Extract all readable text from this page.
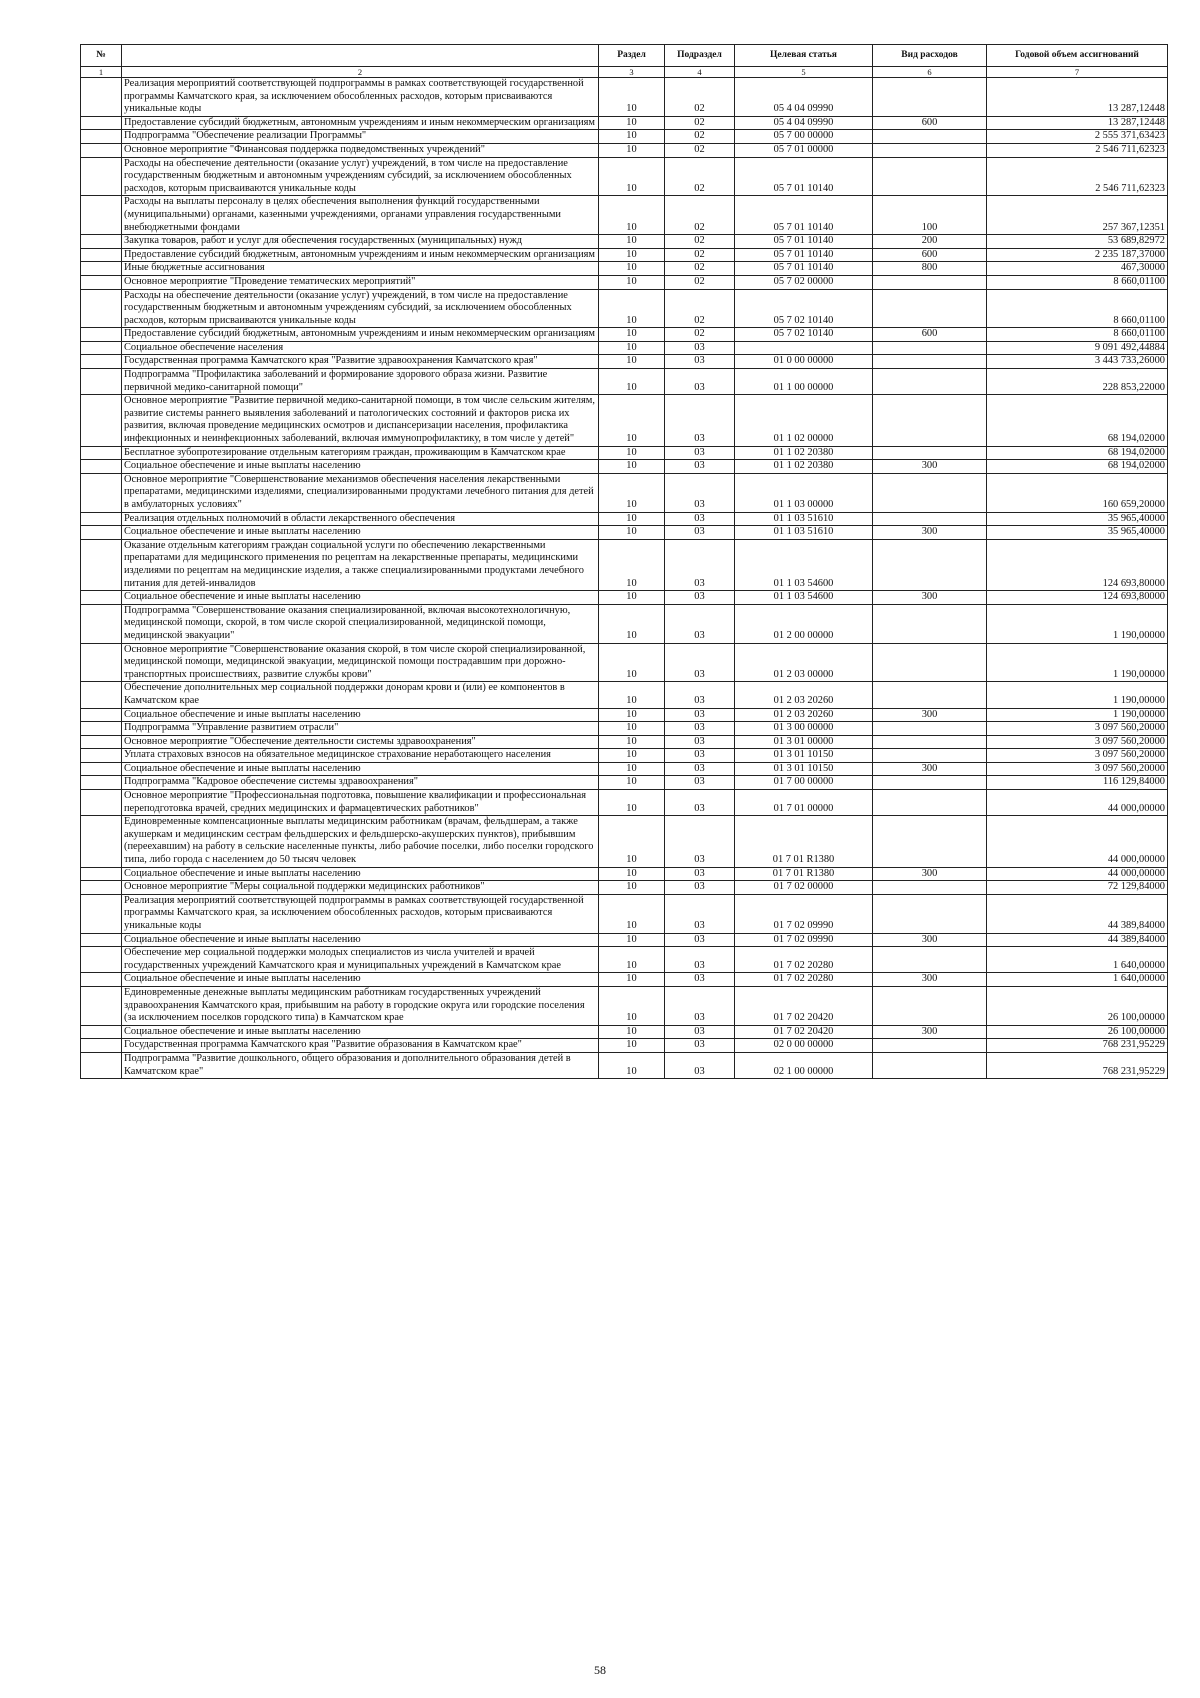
№		Раздел	Подраздел	Целевая статья	Вид расходов	Годовой объем ассигнований
1	2	3	4	5	6	7
	Реализация мероприятий соответствующей подпрограммы в рамках соответствующей государственной программы Камчатского края, за исключением обособленных расходов, которым присваиваются уникальные коды	10	02	05 4 04 09990		13 287,12448
	Предоставление субсидий бюджетным, автономным учреждениям и иным некоммерческим организациям	10	02	05 4 04 09990	600	13 287,12448
	Подпрограмма "Обеспечение реализации Программы"	10	02	05 7 00 00000		2 555 371,63423
	Основное мероприятие "Финансовая поддержка подведомственных учреждений"	10	02	05 7 01 00000		2 546 711,62323
	Расходы на обеспечение деятельности (оказание услуг) учреждений, в том числе на предоставление государственным бюджетным и автономным учреждениям субсидий, за исключением обособленных расходов, которым присваиваются уникальные коды	10	02	05 7 01 10140		2 546 711,62323
	Расходы на выплаты персоналу в целях обеспечения выполнения функций государственными (муниципальными) органами, казенными учреждениями, органами управления государственными внебюджетными фондами	10	02	05 7 01 10140	100	257 367,12351
	Закупка товаров, работ и услуг для обеспечения государственных (муниципальных) нужд	10	02	05 7 01 10140	200	53 689,82972
	Предоставление субсидий бюджетным, автономным учреждениям и иным некоммерческим организациям	10	02	05 7 01 10140	600	2 235 187,37000
	Иные бюджетные ассигнования	10	02	05 7 01 10140	800	467,30000
	Основное мероприятие "Проведение тематических мероприятий"	10	02	05 7 02 00000		8 660,01100
	Расходы на обеспечение деятельности (оказание услуг) учреждений, в том числе на предоставление государственным бюджетным и автономным учреждениям субсидий, за исключением обособленных расходов, которым присваиваются уникальные коды	10	02	05 7 02 10140		8 660,01100
	Предоставление субсидий бюджетным, автономным учреждениям и иным некоммерческим организациям	10	02	05 7 02 10140	600	8 660,01100
	Социальное обеспечение населения	10	03			9 091 492,44884
	Государственная программа Камчатского края "Развитие здравоохранения Камчатского края"	10	03	01 0 00 00000		3 443 733,26000
	Подпрограмма "Профилактика заболеваний и формирование здорового образа жизни. Развитие первичной медико-санитарной помощи"	10	03	01 1 00 00000		228 853,22000
	Основное мероприятие "Развитие первичной медико-санитарной помощи, в том числе сельским жителям, развитие системы раннего выявления заболеваний и патологических состояний и факторов риска их развития, включая проведение медицинских осмотров и диспансеризации населения, профилактика инфекционных и неинфекционных заболеваний, включая иммунопрофилактику, в том числе у детей"	10	03	01 1 02 00000		68 194,02000
	Бесплатное зубопротезирование отдельным категориям граждан, проживающим в Камчатском крае	10	03	01 1 02 20380		68 194,02000
	Социальное обеспечение и иные выплаты населению	10	03	01 1 02 20380	300	68 194,02000
	Основное мероприятие "Совершенствование механизмов обеспечения населения лекарственными препаратами, медицинскими изделиями, специализированными продуктами лечебного питания для детей в амбулаторных условиях"	10	03	01 1 03 00000		160 659,20000
	Реализация отдельных полномочий в области лекарственного обеспечения	10	03	01 1 03 51610		35 965,40000
	Социальное обеспечение и иные выплаты населению	10	03	01 1 03 51610	300	35 965,40000
	Оказание отдельным категориям граждан социальной услуги по обеспечению лекарственными препаратами для медицинского применения по рецептам на лекарственные препараты, медицинскими изделиями по рецептам на медицинские изделия, а также специализированными продуктами лечебного питания для детей-инвалидов	10	03	01 1 03 54600		124 693,80000
	Социальное обеспечение и иные выплаты населению	10	03	01 1 03 54600	300	124 693,80000
	Подпрограмма "Совершенствование оказания специализированной, включая высокотехнологичную, медицинской помощи, скорой, в том числе скорой специализированной, медицинской помощи, медицинской эвакуации"	10	03	01 2 00 00000		1 190,00000
	Основное мероприятие "Совершенствование оказания скорой, в том числе скорой специализированной, медицинской помощи, медицинской эвакуации, медицинской помощи пострадавшим при дорожно-транспортных происшествиях, развитие службы крови"	10	03	01 2 03 00000		1 190,00000
	Обеспечение дополнительных мер социальной поддержки донорам крови и (или) ее компонентов в Камчатском крае	10	03	01 2 03 20260		1 190,00000
	Социальное обеспечение и иные выплаты населению	10	03	01 2 03 20260	300	1 190,00000
	Подпрограмма "Управление развитием отрасли"	10	03	01 3 00 00000		3 097 560,20000
	Основное мероприятие "Обеспечение деятельности системы здравоохранения"	10	03	01 3 01 00000		3 097 560,20000
	Уплата страховых взносов на обязательное медицинское страхование неработающего населения	10	03	01 3 01 10150		3 097 560,20000
	Социальное обеспечение и иные выплаты населению	10	03	01 3 01 10150	300	3 097 560,20000
	Подпрограмма "Кадровое обеспечение системы здравоохранения"	10	03	01 7 00 00000		116 129,84000
	Основное мероприятие "Профессиональная подготовка, повышение квалификации и профессиональная переподготовка врачей, средних медицинских и фармацевтических работников"	10	03	01 7 01 00000		44 000,00000
	Единовременные компенсационные выплаты медицинским работникам (врачам, фельдшерам, а также акушеркам и медицинским сестрам фельдшерских и фельдшерско-акушерских пунктов), прибывшим (переехавшим) на работу в сельские населенные пункты, либо рабочие поселки, либо поселки городского типа, либо города с населением до 50 тысяч человек	10	03	01 7 01 R1380		44 000,00000
	Социальное обеспечение и иные выплаты населению	10	03	01 7 01 R1380	300	44 000,00000
	Основное мероприятие "Меры социальной поддержки медицинских работников"	10	03	01 7 02 00000		72 129,84000
	Реализация мероприятий соответствующей подпрограммы в рамках соответствующей государственной программы Камчатского края, за исключением обособленных расходов, которым присваиваются уникальные коды	10	03	01 7 02 09990		44 389,84000
	Социальное обеспечение и иные выплаты населению	10	03	01 7 02 09990	300	44 389,84000
	Обеспечение мер социальной поддержки молодых специалистов из числа учителей и врачей государственных учреждений Камчатского края и муниципальных учреждений в Камчатском крае	10	03	01 7 02 20280		1 640,00000
	Социальное обеспечение и иные выплаты населению	10	03	01 7 02 20280	300	1 640,00000
	Единовременные денежные выплаты медицинским работникам государственных учреждений здравоохранения Камчатского края, прибывшим на работу в городские округа или городские поселения (за исключением поселков городского типа) в Камчатском крае	10	03	01 7 02 20420		26 100,00000
	Социальное обеспечение и иные выплаты населению	10	03	01 7 02 20420	300	26 100,00000
	Государственная программа Камчатского края "Развитие образования в Камчатском крае"	10	03	02 0 00 00000		768 231,95229
	Подпрограмма "Развитие дошкольного, общего образования и дополнительного образования детей в Камчатском крае"	10	03	02 1 00 00000		768 231,95229
58
